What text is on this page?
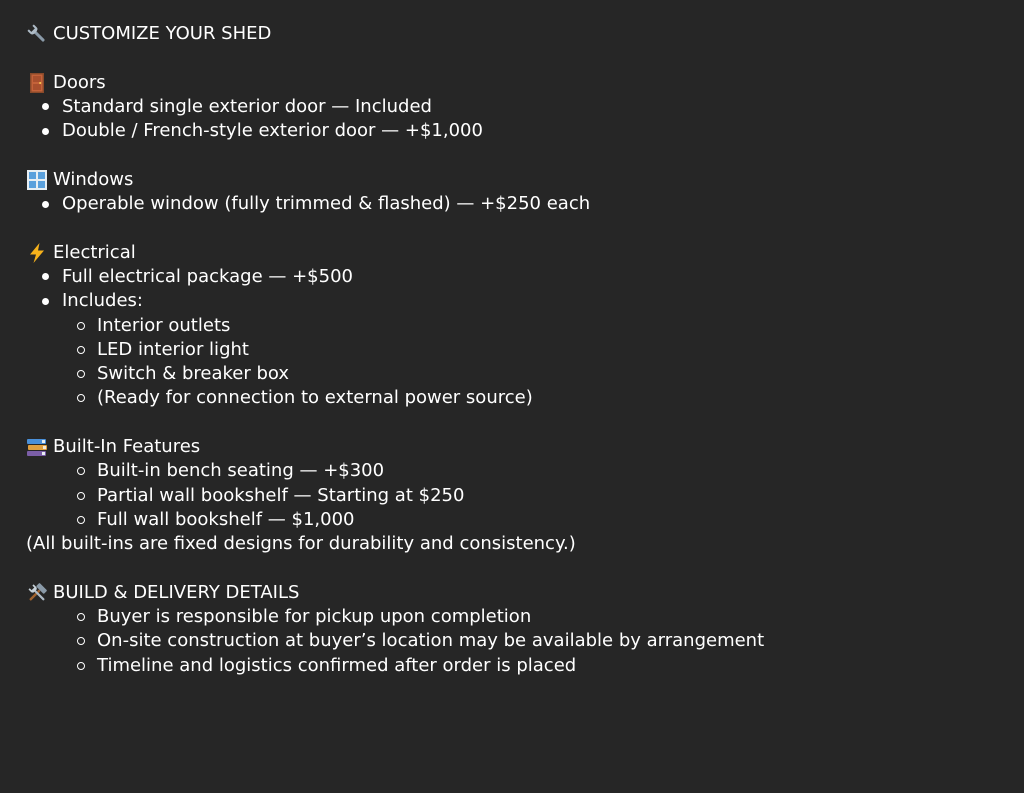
CUSTOMIZE YOUR SHED
Doors
Standard single exterior door — Included
Double / French-style exterior door — +$1,000
Windows
Operable window (fully trimmed & flashed) — +$250 each
Electrical
Full electrical package — +$500
Includes:
Interior outlets
LED interior light
Switch & breaker box
(Ready for connection to external power source)
Built-In Features
Built-in bench seating — +$300
Partial wall bookshelf — Starting at $250
Full wall bookshelf — $1,000
(All built-ins are fixed designs for durability and consistency.)
BUILD & DELIVERY DETAILS
Buyer is responsible for pickup upon completion
On-site construction at buyer’s location may be available by arrangement
Timeline and logistics confirmed after order is placed
